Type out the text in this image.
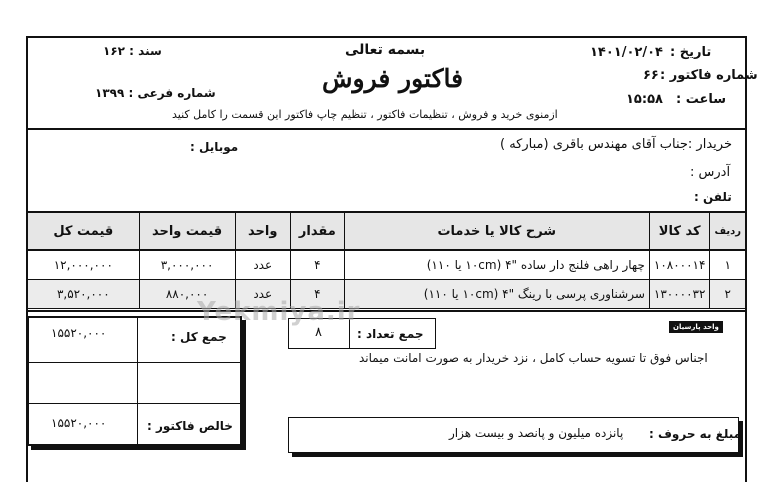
بسمه تعالی
فاکتور فروش
ازمنوی خرید و فروش ، تنظیمات فاکتور ، تنظیم چاپ فاکتور این قسمت را کامل کنید
سند : ۱۶۲
شماره فرعی : ۱۳۹۹
تاریخ :
۱۴۰۱/۰۲/۰۴
شماره فاکتور :
۶۶
ساعت :
۱۵:۵۸
خریدار :جناب آقای مهندس باقری (مبارکه )
موبایل :
آدرس :
تلفن :
ردیف	کد کالا	شرح کالا یا خدمات	مقدار	واحد	قیمت واحد	قیمت کل
۱	۱۰۸۰۰۰۱۴	چهار راهی فلنج دار ساده "۴ (۱۰cm یا ۱۱۰)	۴	عدد	۳,۰۰۰,۰۰۰	۱۲,۰۰۰,۰۰۰
۲	۱۳۰۰۰۰۳۲	سرشناوری پرسی با رینگ "۴ (۱۰cm یا ۱۱۰)	۴	عدد	۸۸۰,۰۰۰	۳,۵۲۰,۰۰۰
۱۵۵۲۰,۰۰۰	جمع کل :
۱۵۵۲۰,۰۰۰	خالص فاکتور :
۸	جمع تعداد :	واحد پارسیان
اجناس فوق تا تسویه حساب کامل ، نزد خریدار به صورت امانت میماند
مبلغ به حروف :
پانزده میلیون و پانصد و بیست هزار
Yekmiya.ir
